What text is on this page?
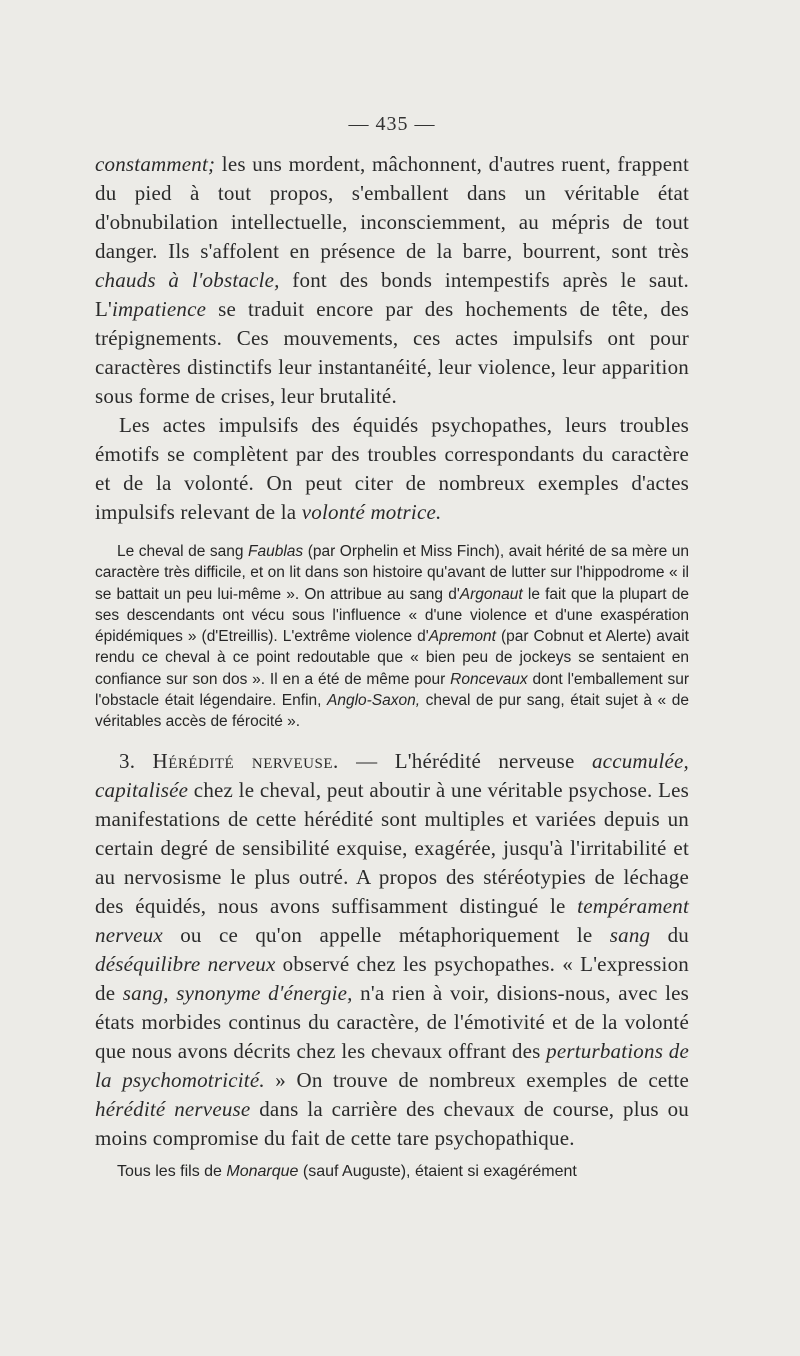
— 435 —

constamment; les uns mordent, mâchonnent, d'autres ruent, frappent du pied à tout propos, s'emballent dans un véritable état d'obnubilation intellectuelle, inconsciemment, au mépris de tout danger. Ils s'affolent en présence de la barre, bourrent, sont très chauds à l'obstacle, font des bonds intempestifs après le saut. L'impatience se traduit encore par des hochements de tête, des trépignements. Ces mouvements, ces actes impulsifs ont pour caractères distinctifs leur instantanéité, leur violence, leur apparition sous forme de crises, leur brutalité.

Les actes impulsifs des équidés psychopathes, leurs troubles émotifs se complètent par des troubles correspondants du caractère et de la volonté. On peut citer de nombreux exemples d'actes impulsifs relevant de la volonté motrice.

Le cheval de sang Faublas (par Orphelin et Miss Finch), avait hérité de sa mère un caractère très difficile, et on lit dans son histoire qu'avant de lutter sur l'hippodrome « il se battait un peu lui-même ». On attribue au sang d'Argonaut le fait que la plupart de ses descendants ont vécu sous l'influence « d'une violence et d'une exaspération épidémiques » (d'Etreillis). L'extrême violence d'Apremont (par Cobnut et Alerte) avait rendu ce cheval à ce point redoutable que « bien peu de jockeys se sentaient en confiance sur son dos ». Il en a été de même pour Roncevaux dont l'emballement sur l'obstacle était légendaire. Enfin, Anglo-Saxon, cheval de pur sang, était sujet à « de véritables accès de férocité ».

3. Hérédité nerveuse. — L'hérédité nerveuse accumulée, capitalisée chez le cheval, peut aboutir à une véritable psychose. Les manifestations de cette hérédité sont multiples et variées depuis un certain degré de sensibilité exquise, exagérée, jusqu'à l'irritabilité et au nervosisme le plus outré. A propos des stéréotypies de léchage des équidés, nous avons suffisamment distingué le tempérament nerveux ou ce qu'on appelle métaphoriquement le sang du déséquilibre nerveux observé chez les psychopathes. « L'expression de sang, synonyme d'énergie, n'a rien à voir, disions-nous, avec les états morbides continus du caractère, de l'émotivité et de la volonté que nous avons décrits chez les chevaux offrant des perturbations de la psychomotricité. » On trouve de nombreux exemples de cette hérédité nerveuse dans la carrière des chevaux de course, plus ou moins compromise du fait de cette tare psychopathique.

Tous les fils de Monarque (sauf Auguste), étaient si exagérément
